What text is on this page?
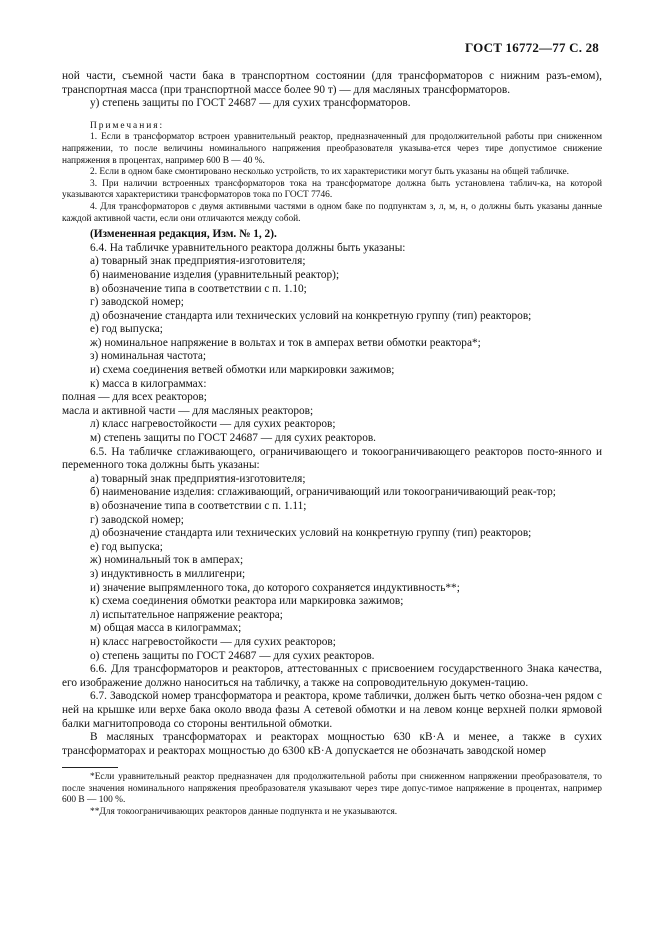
ГОСТ 16772—77 С. 28

ной части, съемной части бака в транспортном состоянии (для трансформаторов с нижним разъ-емом), транспортная масса (при транспортной массе более 90 т) — для масляных трансформаторов.

у) степень защиты по ГОСТ 24687 — для сухих трансформаторов.

Примечания:

1. Если в трансформатор встроен уравнительный реактор, предназначенный для продолжительной работы при сниженном напряжении, то после величины номинального напряжения преобразователя указыва-ется через тире допустимое снижение напряжения в процентах, например 600 В — 40 %.

2. Если в одном баке смонтировано несколько устройств, то их характеристики могут быть указаны на общей табличке.

3. При наличии встроенных трансформаторов тока на трансформаторе должна быть установлена таблич-ка, на которой указываются характеристики трансформаторов тока по ГОСТ 7746.

4. Для трансформаторов с двумя активными частями в одном баке по подпунктам з, л, м, н, о должны быть указаны данные каждой активной части, если они отличаются между собой.

(Измененная редакция, Изм. № 1, 2).

6.4. На табличке уравнительного реактора должны быть указаны:

а) товарный знак предприятия-изготовителя;

б) наименование изделия (уравнительный реактор);

в) обозначение типа в соответствии с п. 1.10;

г) заводской номер;

д) обозначение стандарта или технических условий на конкретную группу (тип) реакторов;

е) год выпуска;

ж) номинальное напряжение в вольтах и ток в амперах ветви обмотки реактора*;

з) номинальная частота;

и) схема соединения ветвей обмотки или маркировки зажимов;

к) масса в килограммах:

полная — для всех реакторов;

масла и активной части — для масляных реакторов;

л) класс нагревостойкости — для сухих реакторов;

м) степень защиты по ГОСТ 24687 — для сухих реакторов.

6.5. На табличке сглаживающего, ограничивающего и токоограничивающего реакторов посто-янного и переменного тока должны быть указаны:

а) товарный знак предприятия-изготовителя;

б) наименование изделия: сглаживающий, ограничивающий или токоограничивающий реак-тор;

в) обозначение типа в соответствии с п. 1.11;

г) заводской номер;

д) обозначение стандарта или технических условий на конкретную группу (тип) реакторов;

е) год выпуска;

ж) номинальный ток в амперах;

з) индуктивность в миллигенри;

и) значение выпрямленного тока, до которого сохраняется индуктивность**;

к) схема соединения обмотки реактора или маркировка зажимов;

л) испытательное напряжение реактора;

м) общая масса в килограммах;

н) класс нагревостойкости — для сухих реакторов;

о) степень защиты по ГОСТ 24687 — для сухих реакторов.

6.6. Для трансформаторов и реакторов, аттестованных с присвоением государственного Знака качества, его изображение должно наноситься на табличку, а также на сопроводительную докумен-тацию.

6.7. Заводской номер трансформатора и реактора, кроме таблички, должен быть четко обозна-чен рядом с ней на крышке или верхе бака около ввода фазы А сетевой обмотки и на левом конце верхней полки ярмовой балки магнитопровода со стороны вентильной обмотки.

В масляных трансформаторах и реакторах мощностью 630 кВ·А и менее, а также в сухих трансформаторах и реакторах мощностью до 6300 кВ·А допускается не обозначать заводской номер

*Если уравнительный реактор предназначен для продолжительной работы при сниженном напряжении преобразователя, то после значения номинального напряжения преобразователя указывают через тире допус-тимое напряжение в процентах, например 600 В — 100 %.

**Для токоограничивающих реакторов данные подпункта и не указываются.
